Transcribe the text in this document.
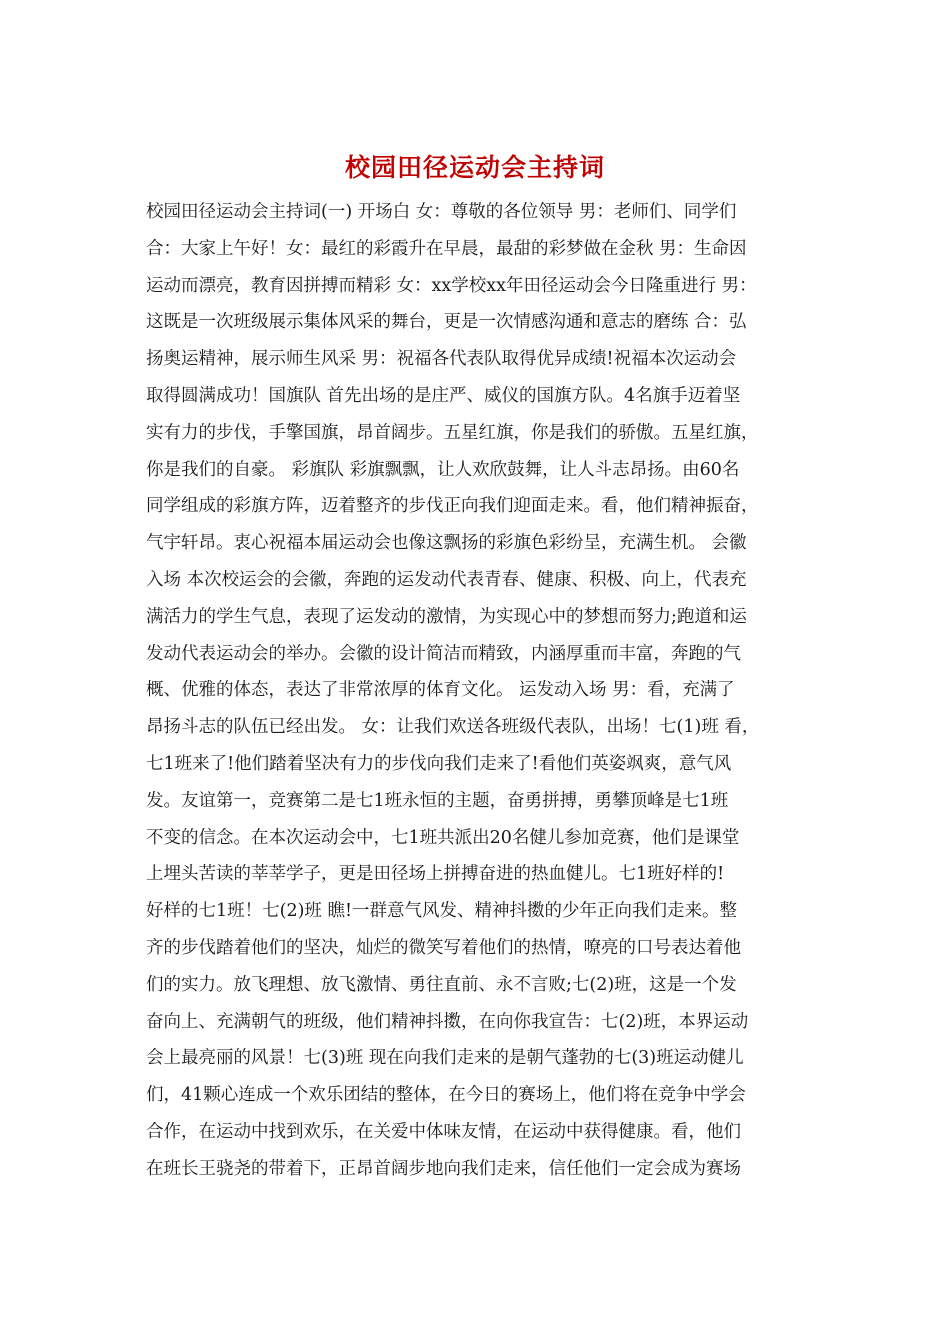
校园田径运动会主持词
校园田径运动会主持词(一) 开场白 女：尊敬的各位领导 男：老师们、同学们
合：大家上午好！女：最红的彩霞升在早晨，最甜的彩梦做在金秋 男：生命因
运动而漂亮，教育因拼搏而精彩 女：xx学校xx年田径运动会今日隆重进行 男：
这既是一次班级展示集体风采的舞台，更是一次情感沟通和意志的磨练 合：弘
扬奥运精神，展示师生风采 男：祝福各代表队取得优异成绩!祝福本次运动会
取得圆满成功！国旗队 首先出场的是庄严、威仪的国旗方队。4名旗手迈着坚
实有力的步伐，手擎国旗，昂首阔步。五星红旗，你是我们的骄傲。五星红旗，
你是我们的自豪。 彩旗队 彩旗飘飘，让人欢欣鼓舞，让人斗志昂扬。由60名
同学组成的彩旗方阵，迈着整齐的步伐正向我们迎面走来。看，他们精神振奋，
气宇轩昂。衷心祝福本届运动会也像这飘扬的彩旗色彩纷呈，充满生机。 会徽
入场 本次校运会的会徽，奔跑的运发动代表青春、健康、积极、向上，代表充
满活力的学生气息，表现了运发动的激情，为实现心中的梦想而努力;跑道和运
发动代表运动会的举办。会徽的设计简洁而精致，内涵厚重而丰富，奔跑的气
概、优雅的体态，表达了非常浓厚的体育文化。 运发动入场 男：看，充满了
昂扬斗志的队伍已经出发。 女：让我们欢送各班级代表队，出场！七(1)班 看，
七1班来了!他们踏着坚决有力的步伐向我们走来了!看他们英姿飒爽，意气风
发。友谊第一，竞赛第二是七1班永恒的主题，奋勇拼搏，勇攀顶峰是七1班
不变的信念。在本次运动会中，七1班共派出20名健儿参加竞赛，他们是课堂
上埋头苦读的莘莘学子，更是田径场上拼搏奋进的热血健儿。七1班好样的!
好样的七1班！七(2)班 瞧!一群意气风发、精神抖擞的少年正向我们走来。整
齐的步伐踏着他们的坚决，灿烂的微笑写着他们的热情，嘹亮的口号表达着他
们的实力。放飞理想、放飞激情、勇往直前、永不言败;七(2)班，这是一个发
奋向上、充满朝气的班级，他们精神抖擞，在向你我宣告：七(2)班，本界运动
会上最亮丽的风景！七(3)班 现在向我们走来的是朝气蓬勃的七(3)班运动健儿
们，41颗心连成一个欢乐团结的整体，在今日的赛场上，他们将在竞争中学会
合作，在运动中找到欢乐，在关爱中体味友情，在运动中获得健康。看，他们
在班长王骁尧的带着下，正昂首阔步地向我们走来，信任他们一定会成为赛场
